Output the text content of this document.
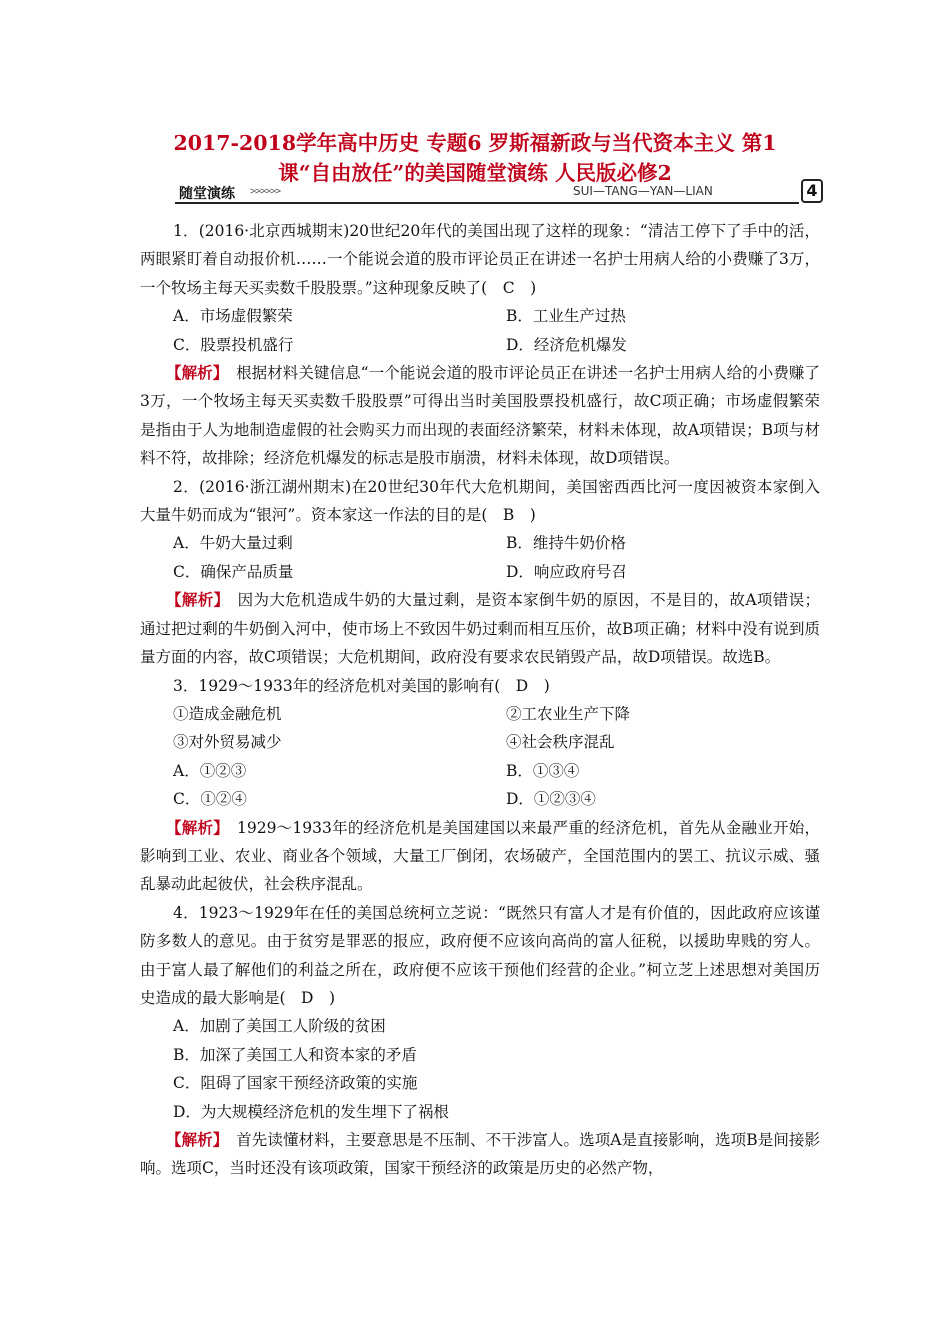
2017-2018学年高中历史 专题6 罗斯福新政与当代资本主义 第1
课“自由放任”的美国随堂演练 人民版必修2
随堂演练 >>>>>>	SUI—TANG—YAN—LIAN	4

1．(2016·北京西城期末)20世纪20年代的美国出现了这样的现象：“清洁工停下了手中的活，两眼紧盯着自动报价机……一个能说会道的股市评论员正在讲述一名护士用病人给的小费赚了3万，一个牧场主每天买卖数千股股票。”这种现象反映了(　C　)

A．市场虚假繁荣	B．工业生产过热
C．股票投机盛行	D．经济危机爆发

【解析】　根据材料关键信息“一个能说会道的股市评论员正在讲述一名护士用病人给的小费赚了3万，一个牧场主每天买卖数千股股票”可得出当时美国股票投机盛行，故C项正确；市场虚假繁荣是指由于人为地制造虚假的社会购买力而出现的表面经济繁荣，材料未体现，故A项错误；B项与材料不符，故排除；经济危机爆发的标志是股市崩溃，材料未体现，故D项错误。

2．(2016·浙江湖州期末)在20世纪30年代大危机期间，美国密西西比河一度因被资本家倒入大量牛奶而成为“银河”。资本家这一作法的目的是(　B　)

A．牛奶大量过剩	B．维持牛奶价格
C．确保产品质量	D．响应政府号召

【解析】　因为大危机造成牛奶的大量过剩，是资本家倒牛奶的原因，不是目的，故A项错误；通过把过剩的牛奶倒入河中，使市场上不致因牛奶过剩而相互压价，故B项正确；材料中没有说到质量方面的内容，故C项错误；大危机期间，政府没有要求农民销毁产品，故D项错误。故选B。

3．1929～1933年的经济危机对美国的影响有(　D　)

①造成金融危机	②工农业生产下降
③对外贸易减少	④社会秩序混乱
A．①②③	B．①③④
C．①②④	D．①②③④

【解析】　1929～1933年的经济危机是美国建国以来最严重的经济危机，首先从金融业开始，影响到工业、农业、商业各个领域，大量工厂倒闭，农场破产，全国范围内的罢工、抗议示威、骚乱暴动此起彼伏，社会秩序混乱。

4．1923～1929年在任的美国总统柯立芝说：“既然只有富人才是有价值的，因此政府应该谨防多数人的意见。由于贫穷是罪恶的报应，政府便不应该向高尚的富人征税，以援助卑贱的穷人。由于富人最了解他们的利益之所在，政府便不应该干预他们经营的企业。”柯立芝上述思想对美国历史造成的最大影响是(　D　)

A．加剧了美国工人阶级的贫困
B．加深了美国工人和资本家的矛盾
C．阻碍了国家干预经济政策的实施
D．为大规模经济危机的发生埋下了祸根

【解析】　首先读懂材料，主要意思是不压制、不干涉富人。选项A是直接影响，选项B是间接影响。选项C，当时还没有该项政策，国家干预经济的政策是历史的必然产物，
